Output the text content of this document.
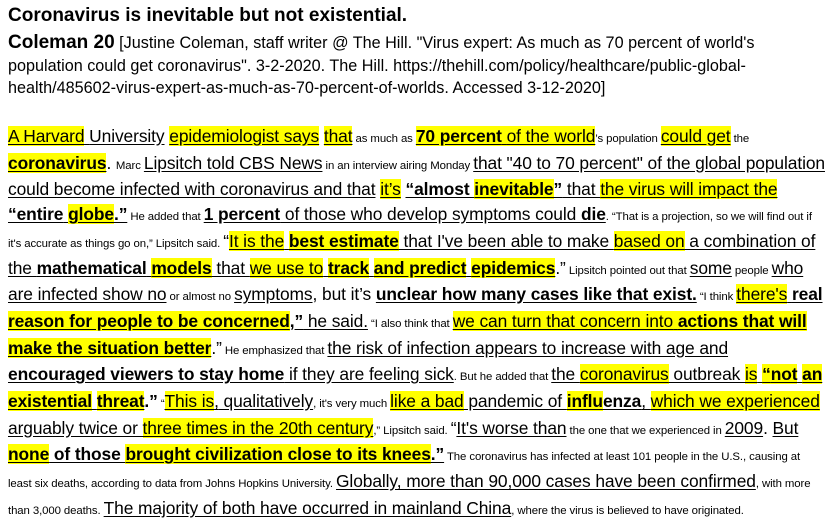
Coronavirus is inevitable but not existential.
Coleman 20 [Justine Coleman, staff writer @ The Hill. "Virus expert: As much as 70 percent of world's population could get coronavirus". 3-2-2020. The Hill. https://thehill.com/policy/healthcare/public-global-health/485602-virus-expert-as-much-as-70-percent-of-worlds. Accessed 3-12-2020]
A Harvard University epidemiologist says that as much as 70 percent of the world’s population could get the coronavirus. Marc Lipsitch told CBS News in an interview airing Monday that "40 to 70 percent" of the global population could become infected with coronavirus and that it’s “almost inevitable” that the virus will impact the “entire globe.” He added that 1 percent of those who develop symptoms could die. “That is a projection, so we will find out if it's accurate as things go on,” Lipsitch said. “It is the best estimate that I've been able to make based on a combination of the mathematical models that we use to track and predict epidemics.” Lipsitch pointed out that some people who are infected show no or almost no symptoms, but it’s unclear how many cases like that exist. “I think there's real reason for people to be concerned,” he said. “I also think that we can turn that concern into actions that will make the situation better.” He emphasized that the risk of infection appears to increase with age and encouraged viewers to stay home if they are feeling sick. But he added that the coronavirus outbreak is “not an existential threat.” “This is, qualitatively, it's very much like a bad pandemic of influenza, which we experienced arguably twice or three times in the 20th century,” Lipsitch said. “It's worse than the one that we experienced in 2009. But none of those brought civilization close to its knees.” The coronavirus has infected at least 101 people in the U.S., causing at least six deaths, according to data from Johns Hopkins University. Globally, more than 90,000 cases have been confirmed, with more than 3,000 deaths. The majority of both have occurred in mainland China, where the virus is believed to have originated.
